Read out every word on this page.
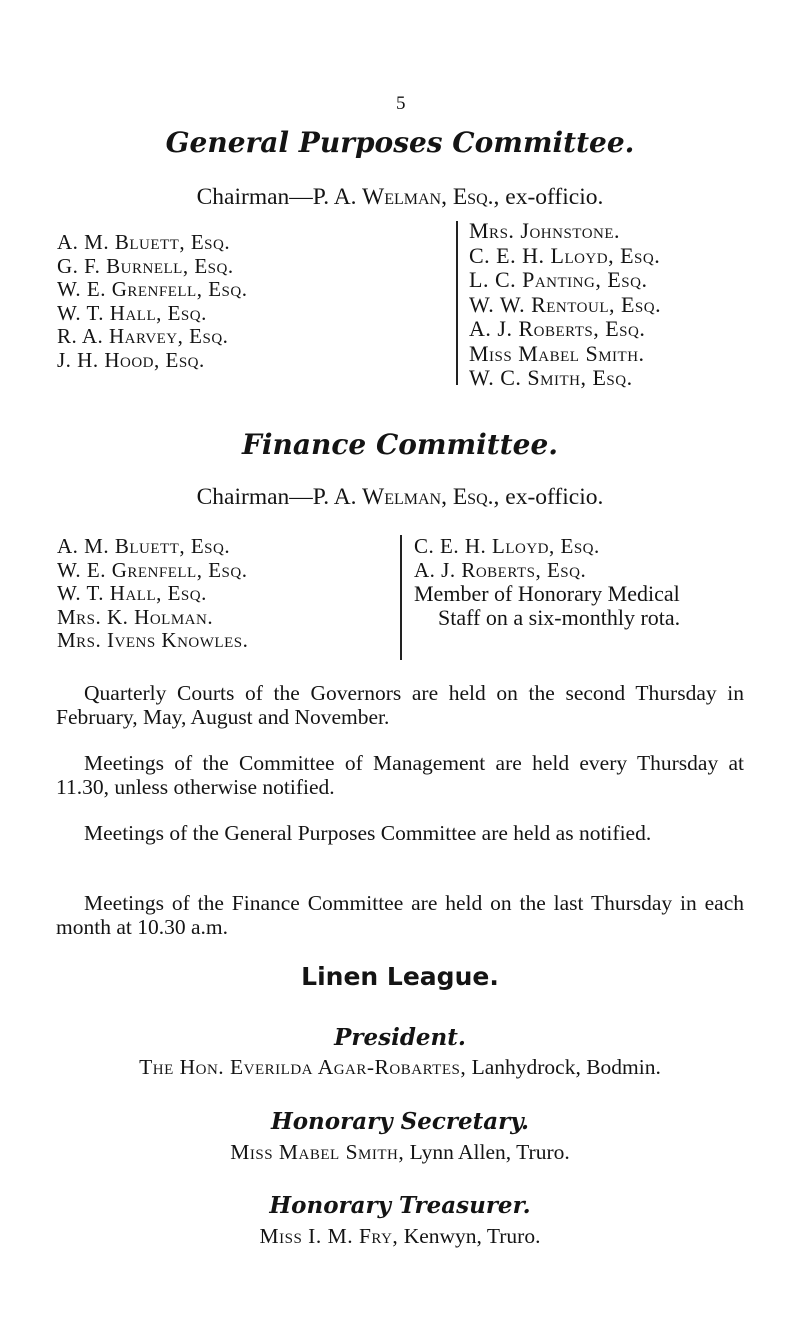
5
General Purposes Committee.
Chairman—P. A. Welman, Esq., ex-officio.
A. M. Bluett, Esq.
G. F. Burnell, Esq.
W. E. Grenfell, Esq.
W. T. Hall, Esq.
R. A. Harvey, Esq.
J. H. Hood, Esq.
Mrs. Johnstone.
C. E. H. Lloyd, Esq.
L. C. Panting, Esq.
W. W. Rentoul, Esq.
A. J. Roberts, Esq.
Miss Mabel Smith.
W. C. Smith, Esq.
Finance Committee.
Chairman—P. A. Welman, Esq., ex-officio.
A. M. Bluett, Esq.
W. E. Grenfell, Esq.
W. T. Hall, Esq.
Mrs. K. Holman.
Mrs. Ivens Knowles.
C. E. H. Lloyd, Esq.
A. J. Roberts, Esq.
Member of Honorary Medical
Staff on a six-monthly rota.
Quarterly Courts of the Governors are held on the second Thursday in February, May, August and November.
Meetings of the Committee of Management are held every Thursday at 11.30, unless otherwise notified.
Meetings of the General Purposes Committee are held as notified.
Meetings of the Finance Committee are held on the last Thursday in each month at 10.30 a.m.
Linen League.
President.
The Hon. Everilda Agar-Robartes, Lanhydrock, Bodmin.
Honorary Secretary.
Miss Mabel Smith, Lynn Allen, Truro.
Honorary Treasurer.
Miss I. M. Fry, Kenwyn, Truro.
